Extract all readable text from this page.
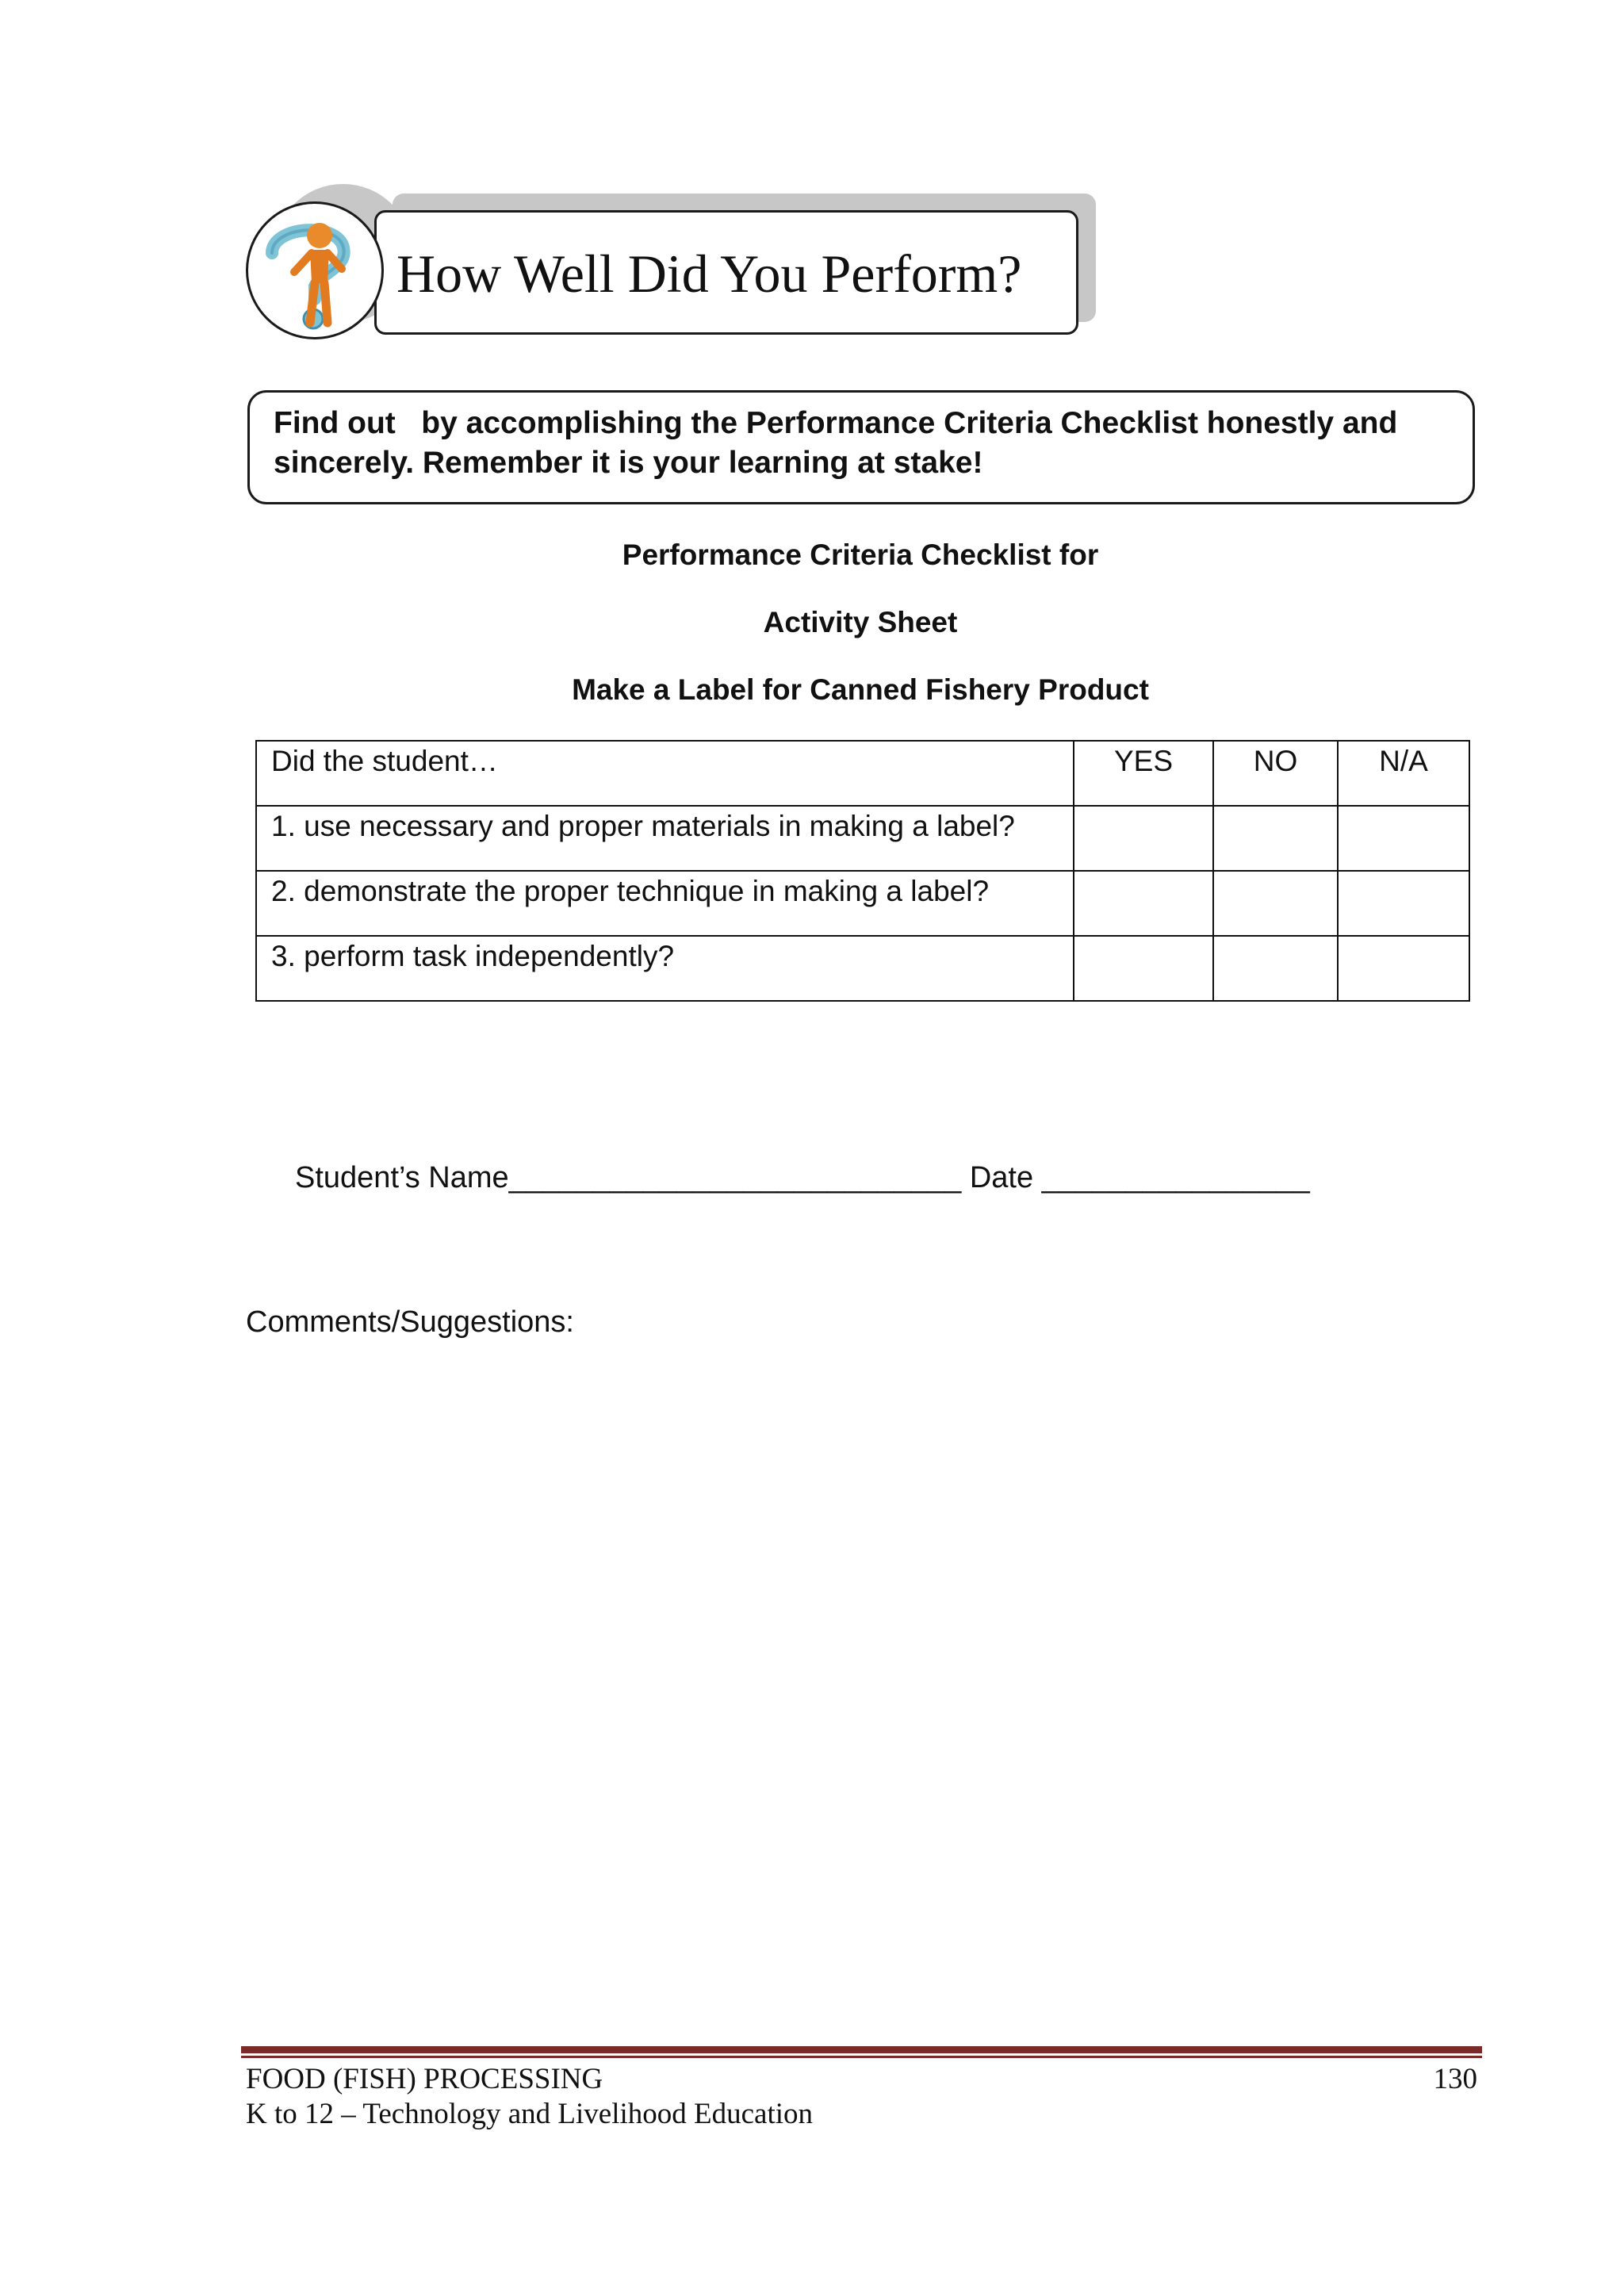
How Well Did You Perform?
Find out   by accomplishing the Performance Criteria Checklist honestly and sincerely. Remember it is your learning at stake!
Performance Criteria Checklist for
Activity Sheet
Make a Label for Canned Fishery Product
Did the student…	YES	NO	N/A
1. use necessary and proper materials in making a label?			
2. demonstrate the proper technique in making a label?			
3. perform task independently?			
Student’s Name___________________________ Date ________________
Comments/Suggestions:
FOOD (FISH) PROCESSING
K to 12 – Technology and Livelihood Education
130
